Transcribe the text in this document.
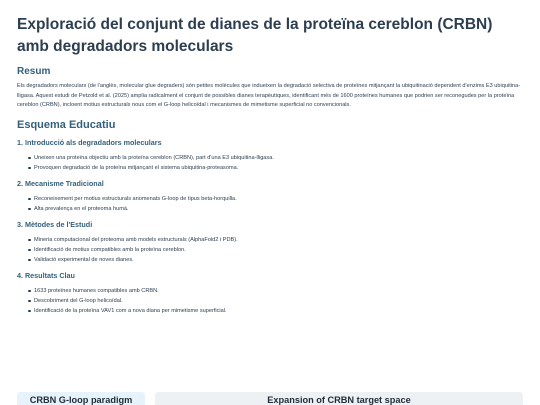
Exploració del conjunt de dianes de la proteïna cereblon (CRBN) amb degradadors moleculars
Resum

Els degradadors moleculars (de l'anglès, molecular glue degraders) són petites molècules que indueixen la degradació selectiva de proteïnes mitjançant la ubiquitinació dependent d'enzims E3 ubiquitina-lligasa. Aquest estudi de Petzold et al. (2025) amplia radicalment el conjunt de possibles dianes terapèutiques, identificant més de 1600 proteïnes humanes que podrien ser reconegudes per la proteïna cereblon (CRBN), incloent motius estructurals nous com el G-loop helicoïdal i mecanismes de mimetisme superficial no convencionals.

Esquema Educatiu
1. Introducció als degradadors moleculars
Uneixen una proteïna objectiu amb la proteïna cereblon (CRBN), part d'una E3 ubiquitina-lligasa.
Provoquen degradació de la proteïna mitjançant el sistema ubiquitina-proteasoma.
2. Mecanisme Tradicional
Reconeixement per motius estructurals anomenats G-loop de tipus beta-horquilla.
Alta prevalença en el proteoma humà.
3. Mètodes de l'Estudi
Mineria computacional del proteoma amb models estructurals (AlphaFold2 i PDB).
Identificació de motius compatibles amb la proteïna cereblon.
Validació experimental de noves dianes.
4. Resultats Clau
1633 proteïnes humanes compatibles amb CRBN.
Descobriment del G-loop helicoïdal.
Identificació de la proteïna VAV1 com a nova diana per mimetisme superficial.
CRBN G-loop paradigm	Expansion of CRBN target space
